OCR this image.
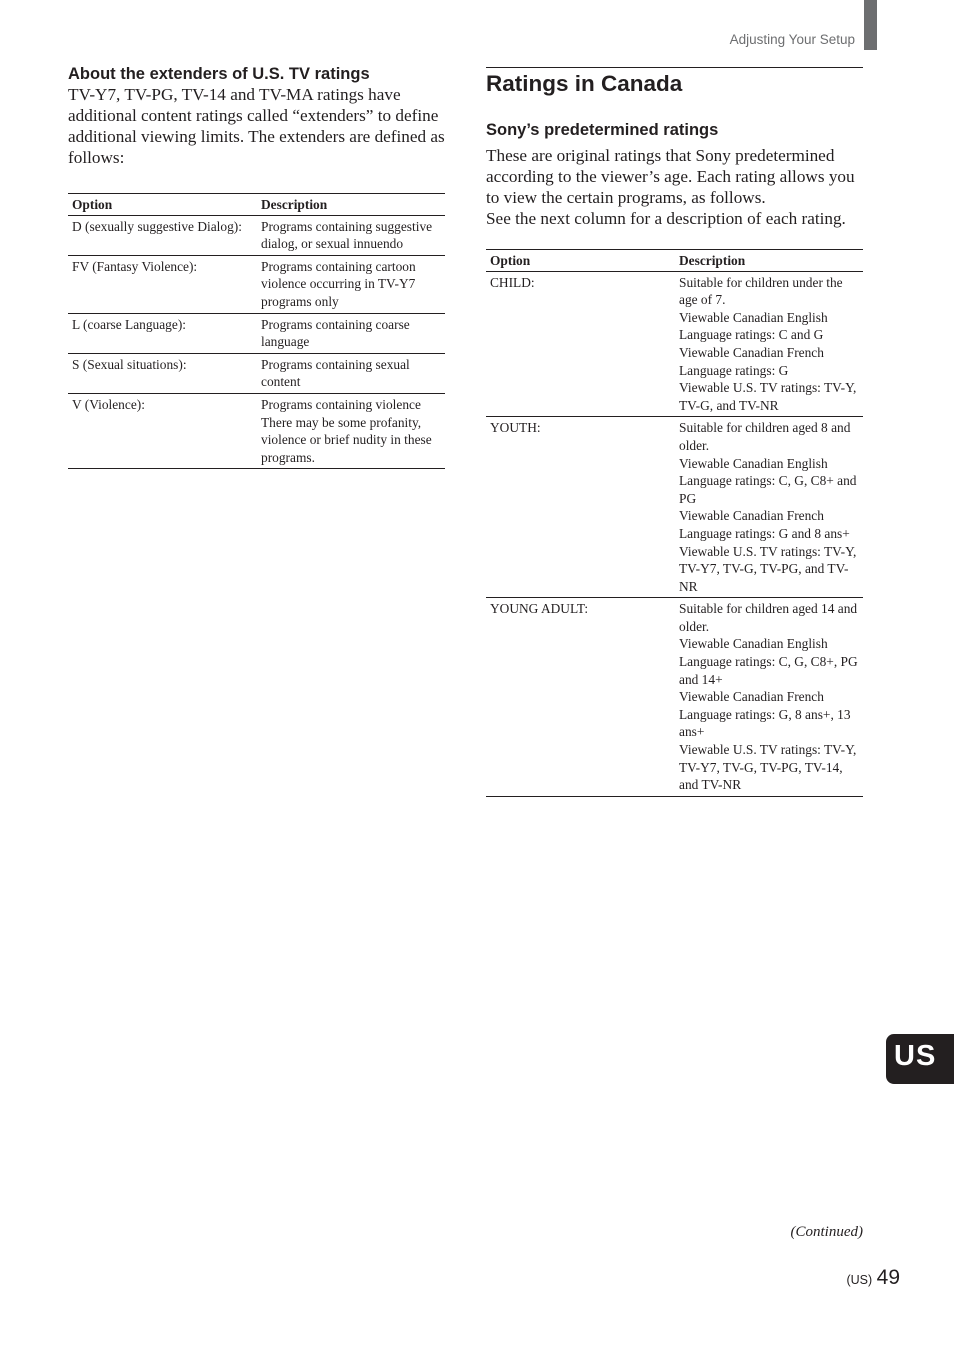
Adjusting Your Setup
About the extenders of U.S. TV ratings

TV-Y7, TV-PG, TV-14 and TV-MA ratings have additional content ratings called “extenders” to define additional viewing limits. The extenders are defined as follows:

Option	Description
D (sexually suggestive Dialog):	Programs containing suggestive dialog, or sexual innuendo

FV (Fantasy Violence):	Programs containing cartoon violence occurring in TV-Y7 programs only

L (coarse Language):	Programs containing coarse language

S (Sexual situations):	Programs containing sexual content

V (Violence):	Programs containing violence
There may be some profanity, violence or brief nudity in these programs.
Ratings in Canada
Sony’s predetermined ratings

These are original ratings that Sony predetermined according to the viewer’s age. Each rating allows you to view the certain programs, as follows.

See the next column for a description of each rating.

Option	Description
CHILD:	Suitable for children under the age of 7.
Viewable Canadian English Language ratings: C and G
Viewable Canadian French Language ratings: G
Viewable U.S. TV ratings: TV-Y, TV-G, and TV-NR

YOUTH:	Suitable for children aged 8 and older.
Viewable Canadian English Language ratings: C, G, C8+ and PG
Viewable Canadian French Language ratings: G and 8 ans+
Viewable U.S. TV ratings: TV-Y, TV-Y7, TV-G, TV-PG, and TV-NR

YOUNG ADULT:	Suitable for children aged 14 and older.
Viewable Canadian English Language ratings: C, G, C8+, PG and 14+
Viewable Canadian French Language ratings: G, 8 ans+, 13 ans+
Viewable U.S. TV ratings: TV-Y, TV-Y7, TV-G, TV-PG, TV-14, and TV-NR
US
(Continued)
(US) 49
